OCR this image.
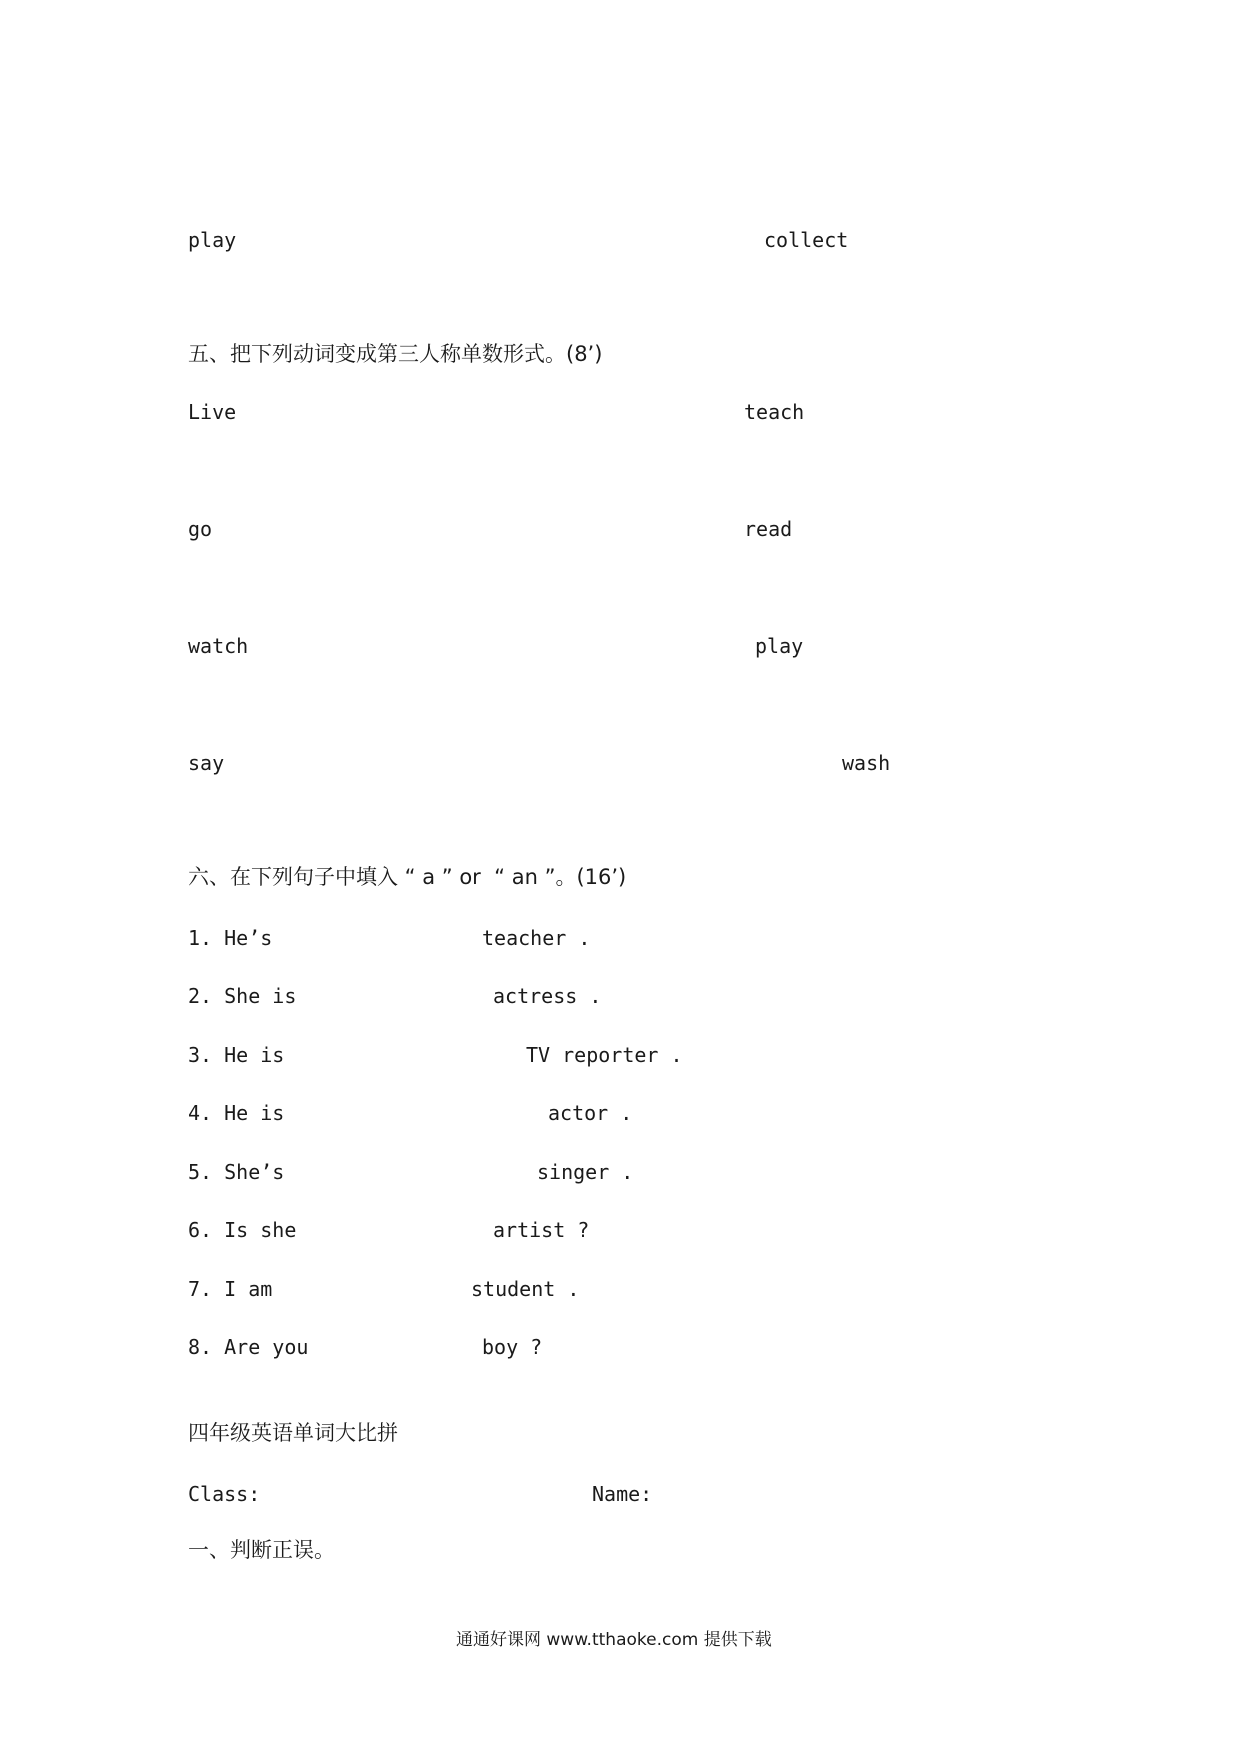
play	collect
五、把下列动词变成第三人称单数形式。(8’)
Live	teach
go	read
watch	play
say	wash
六、在下列句子中填入 “ a ” or  “ an ”。(16’)
1. He’s	teacher .
2. She is	actress .
3. He is	TV reporter .
4. He is	actor .
5. She’s	singer .
6. Is she	artist ?
7. I am	student .
8. Are you	boy ?
四年级英语单词大比拼
Class:	Name:
一、判断正误。
通通好课网 www.tthaoke.com 提供下载
